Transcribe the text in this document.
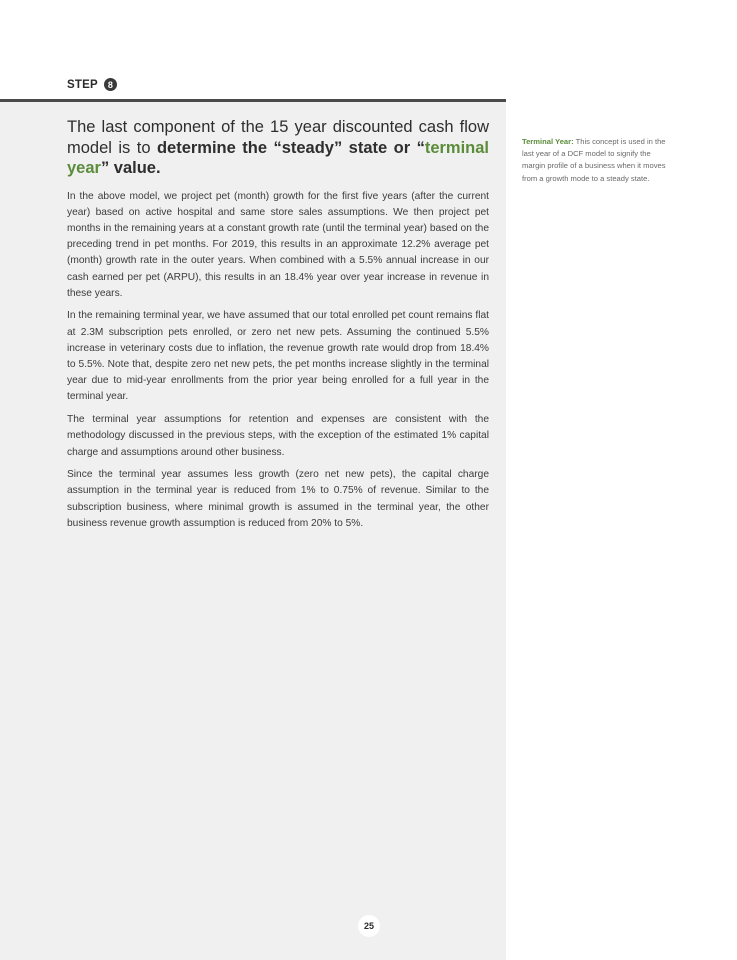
STEP	8
The last component of the 15 year discounted cash flow model is to determine the “steady” state or “terminal year” value.

In the above model, we project pet (month) growth for the first five years (after the current year) based on active hospital and same store sales assumptions. We then project pet months in the remaining years at a constant growth rate (until the terminal year) based on the preceding trend in pet months. For 2019, this results in an approximate 12.2% average pet (month) growth rate in the outer years. When combined with a 5.5% annual increase in our cash earned per pet (ARPU), this results in an 18.4% year over year increase in revenue in these years.

In the remaining terminal year, we have assumed that our total enrolled pet count remains flat at 2.3M subscription pets enrolled, or zero net new pets. Assuming the continued 5.5% increase in veterinary costs due to inflation, the revenue growth rate would drop from 18.4% to 5.5%. Note that, despite zero net new pets, the pet months increase slightly in the terminal year due to mid-year enrollments from the prior year being enrolled for a full year in the terminal year.

The terminal year assumptions for retention and expenses are consistent with the methodology discussed in the previous steps, with the exception of the estimated 1% capital charge and assumptions around other business.

Since the terminal year assumes less growth (zero net new pets), the capital charge assumption in the terminal year is reduced from 1% to 0.75% of revenue. Similar to the subscription business, where minimal growth is assumed in the terminal year, the other business revenue growth assumption is reduced from 20% to 5%.

Terminal Year: This concept is used in the last year of a DCF model to signify the margin profile of a business when it moves from a growth mode to a steady state.
25
